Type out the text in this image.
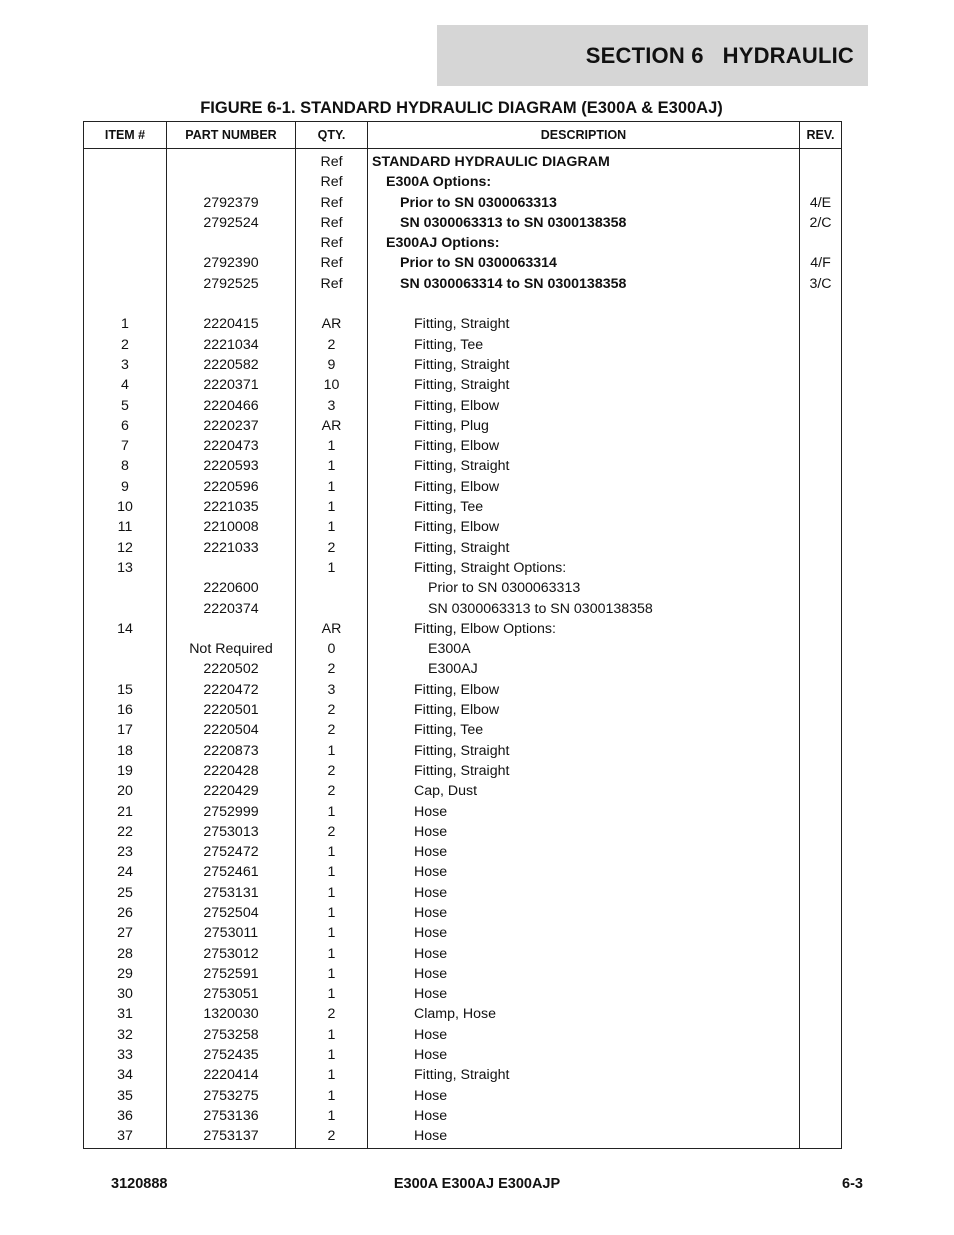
SECTION 6   HYDRAULIC
FIGURE 6-1. STANDARD HYDRAULIC DIAGRAM (E300A & E300AJ)
ITEM #	PART NUMBER	QTY.	DESCRIPTION	REV.
		Ref	STANDARD HYDRAULIC DIAGRAM	
		Ref	E300A Options:	
	2792379	Ref	Prior to SN 0300063313	4/E
	2792524	Ref	SN 0300063313 to SN 0300138358	2/C
		Ref	E300AJ Options:	
	2792390	Ref	Prior to SN 0300063314	4/F
	2792525	Ref	SN 0300063314 to SN 0300138358	3/C

1	2220415	AR	Fitting, Straight	
2	2221034	2	Fitting, Tee	
3	2220582	9	Fitting, Straight	
4	2220371	10	Fitting, Straight	
5	2220466	3	Fitting, Elbow	
6	2220237	AR	Fitting, Plug	
7	2220473	1	Fitting, Elbow	
8	2220593	1	Fitting, Straight	
9	2220596	1	Fitting, Elbow	
10	2221035	1	Fitting, Tee	
11	2210008	1	Fitting, Elbow	
12	2221033	2	Fitting, Straight	
13		1	Fitting, Straight Options:	
	2220600		Prior to SN 0300063313	
	2220374		SN 0300063313 to SN 0300138358	
14		AR	Fitting, Elbow Options:	
	Not Required	0	E300A	
	2220502	2	E300AJ	
15	2220472	3	Fitting, Elbow	
16	2220501	2	Fitting, Elbow	
17	2220504	2	Fitting, Tee	
18	2220873	1	Fitting, Straight	
19	2220428	2	Fitting, Straight	
20	2220429	2	Cap, Dust	
21	2752999	1	Hose	
22	2753013	2	Hose	
23	2752472	1	Hose	
24	2752461	1	Hose	
25	2753131	1	Hose	
26	2752504	1	Hose	
27	2753011	1	Hose	
28	2753012	1	Hose	
29	2752591	1	Hose	
30	2753051	1	Hose	
31	1320030	2	Clamp, Hose	
32	2753258	1	Hose	
33	2752435	1	Hose	
34	2220414	1	Fitting, Straight	
35	2753275	1	Hose	
36	2753136	1	Hose	
37	2753137	2	Hose	
3120888	E300A E300AJ E300AJP	6-3
